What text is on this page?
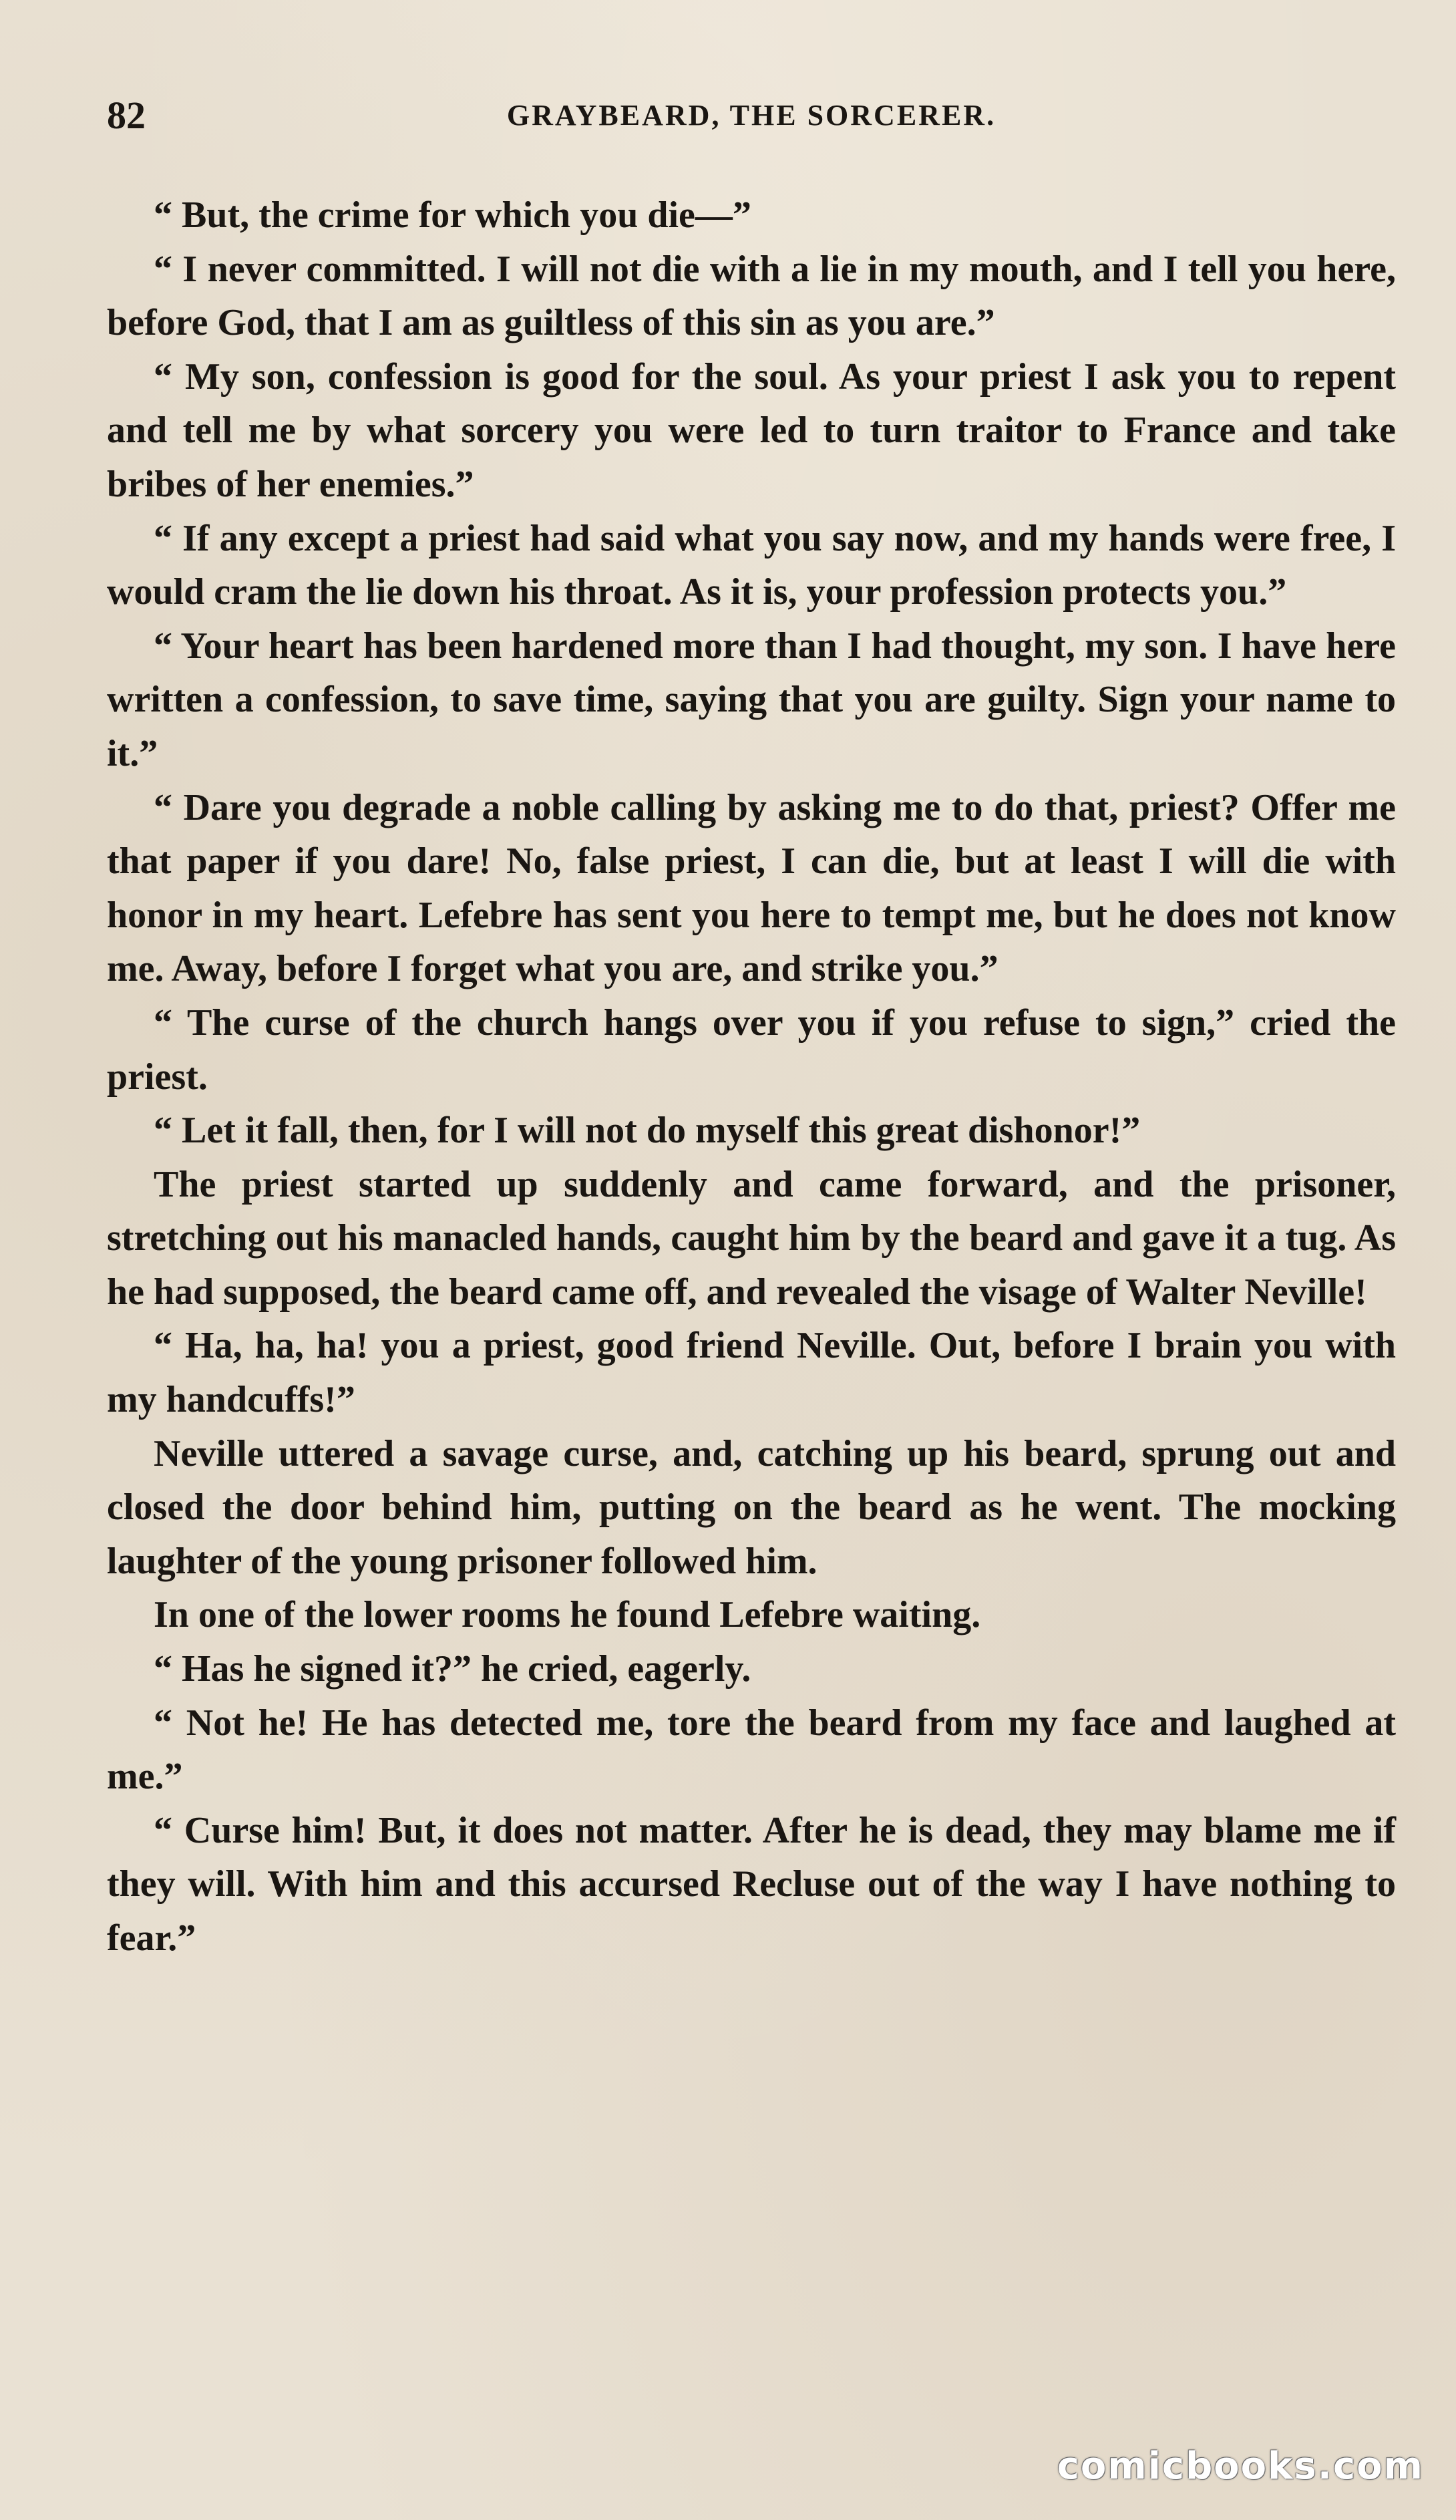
82	GRAYBEARD, THE SORCERER.

“ But, the crime for which you die—”

“ I never committed. I will not die with a lie in my mouth, and I tell you here, before God, that I am as guiltless of this sin as you are.”

“ My son, confession is good for the soul. As your priest I ask you to repent and tell me by what sorcery you were led to turn traitor to France and take bribes of her enemies.”

“ If any except a priest had said what you say now, and my hands were free, I would cram the lie down his throat. As it is, your profession protects you.”

“ Your heart has been hardened more than I had thought, my son. I have here written a confession, to save time, saying that you are guilty. Sign your name to it.”

“ Dare you degrade a noble calling by asking me to do that, priest? Offer me that paper if you dare! No, false priest, I can die, but at least I will die with honor in my heart. Lefebre has sent you here to tempt me, but he does not know me. Away, before I forget what you are, and strike you.”

“ The curse of the church hangs over you if you refuse to sign,” cried the priest.

“ Let it fall, then, for I will not do myself this great dishonor!”

The priest started up suddenly and came forward, and the prisoner, stretching out his manacled hands, caught him by the beard and gave it a tug. As he had supposed, the beard came off, and revealed the visage of Walter Neville!

“ Ha, ha, ha! you a priest, good friend Neville. Out, before I brain you with my handcuffs!”

Neville uttered a savage curse, and, catching up his beard, sprung out and closed the door behind him, putting on the beard as he went. The mocking laughter of the young prisoner followed him.

In one of the lower rooms he found Lefebre waiting.

“ Has he signed it?” he cried, eagerly.

“ Not he! He has detected me, tore the beard from my face and laughed at me.”

“ Curse him! But, it does not matter. After he is dead, they may blame me if they will. With him and this accursed Recluse out of the way I have nothing to fear.”

comicbooks.com
